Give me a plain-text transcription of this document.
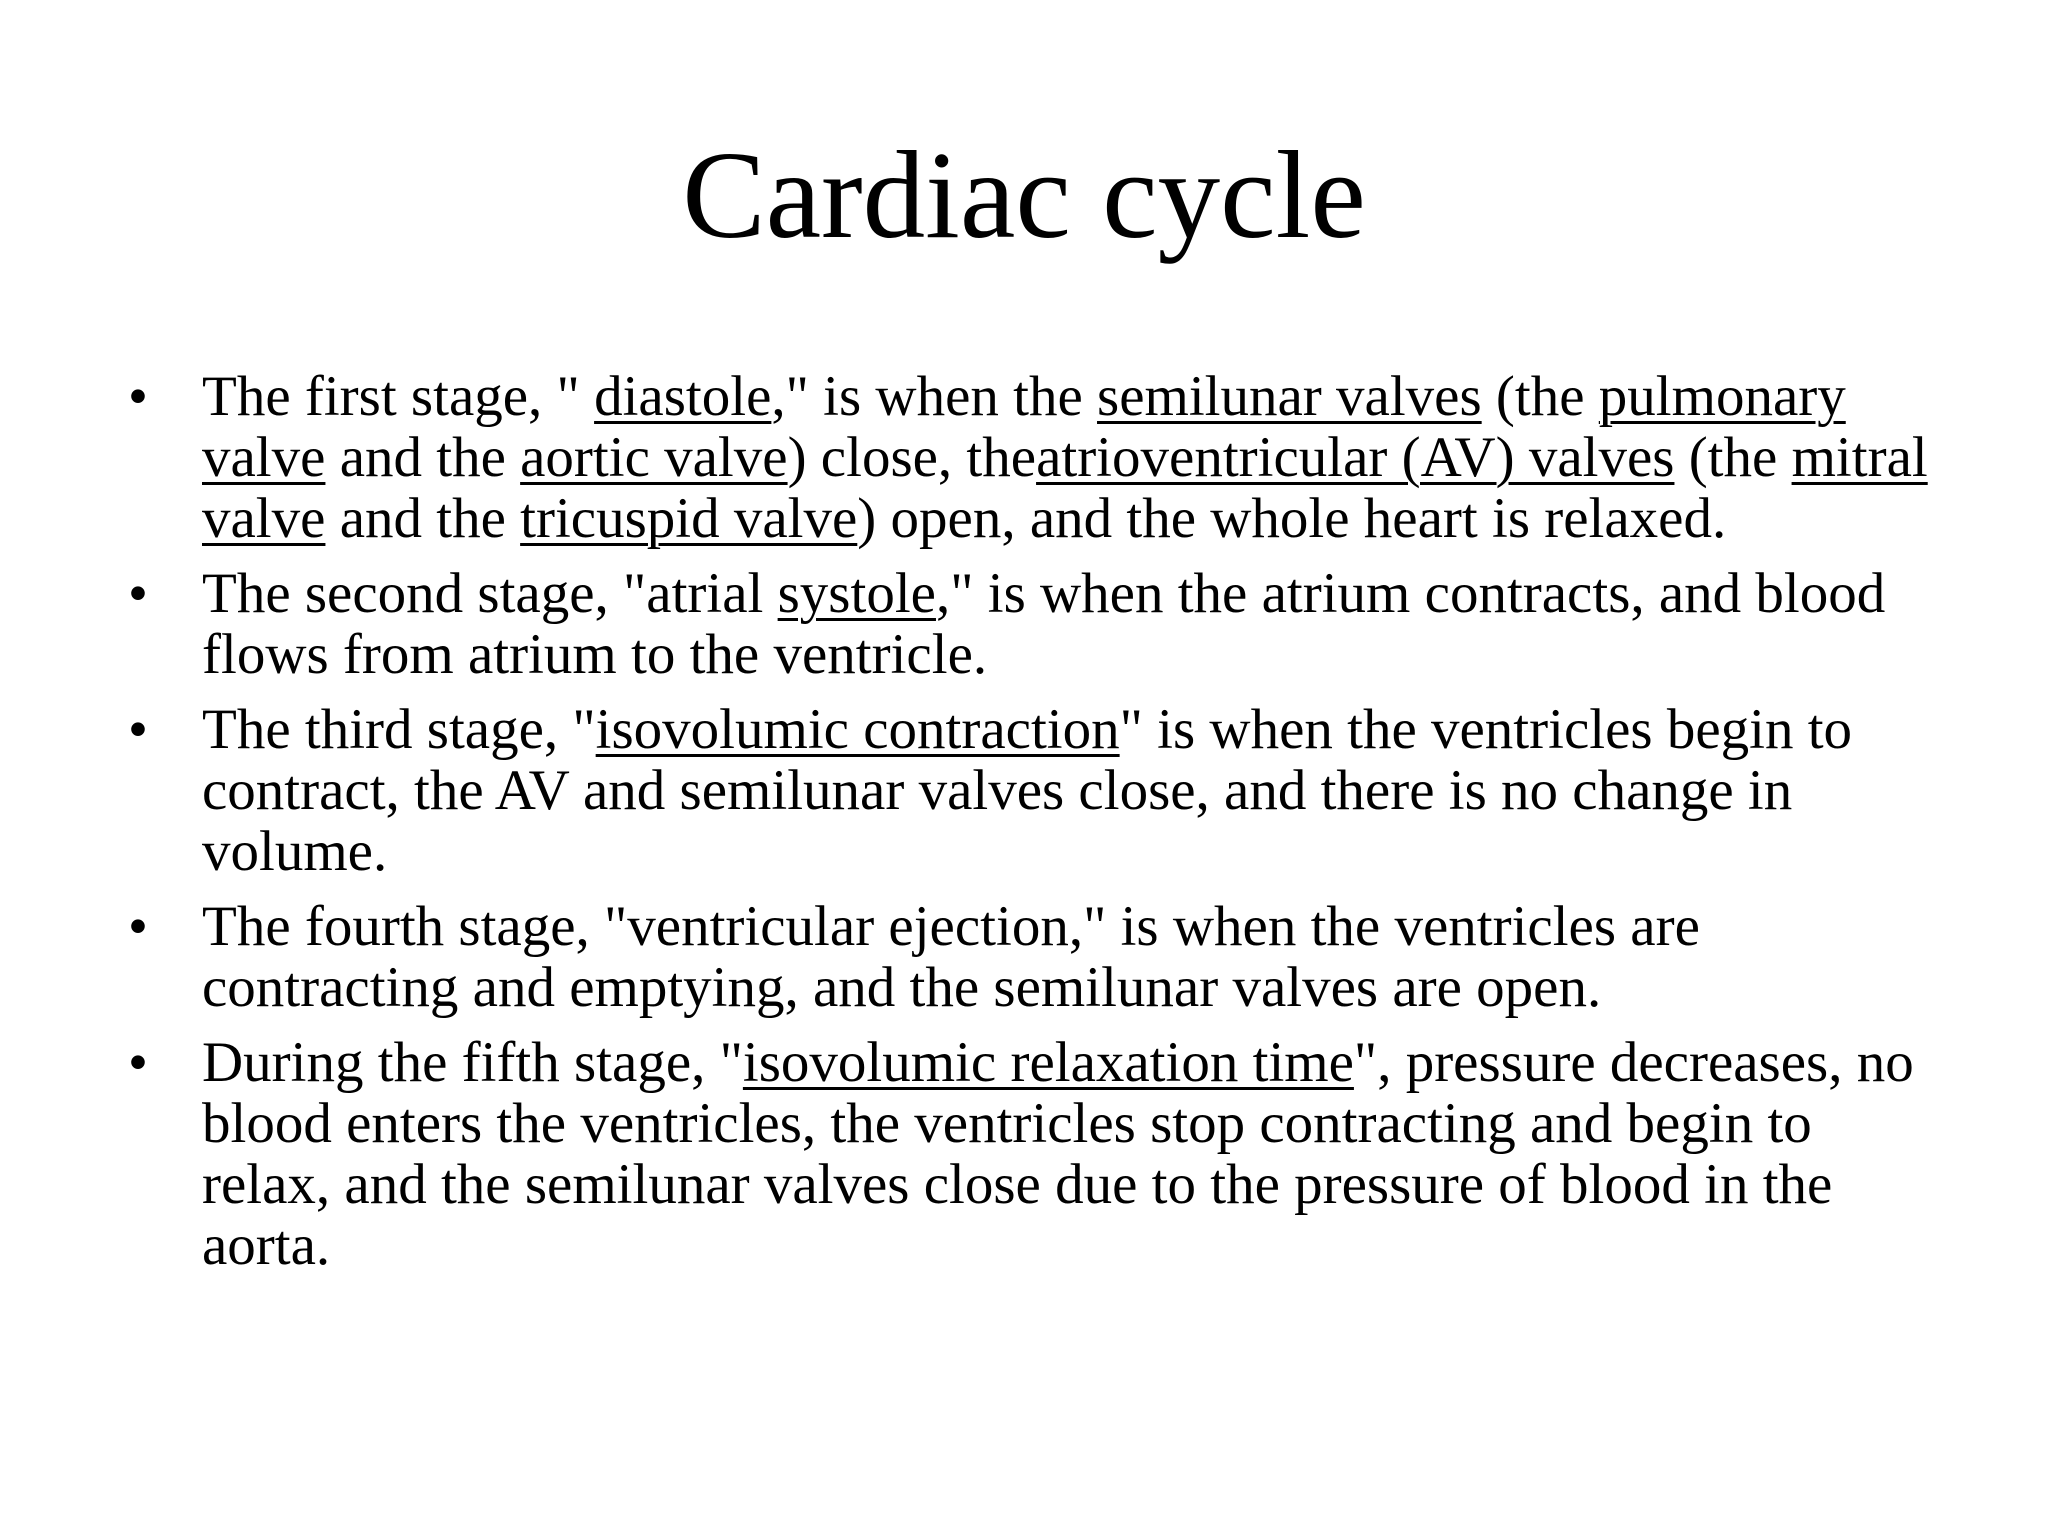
Cardiac cycle
• The first stage, " diastole," is when the semilunar valves (the pulmonary valve and the aortic valve) close, theatrioventricular (AV) valves (the mitral valve and the tricuspid valve) open, and the whole heart is relaxed.
• The second stage, "atrial systole," is when the atrium contracts, and blood flows from atrium to the ventricle.
• The third stage, "isovolumic contraction" is when the ventricles begin to contract, the AV and semilunar valves close, and there is no change in volume.
• The fourth stage, "ventricular ejection," is when the ventricles are contracting and emptying, and the semilunar valves are open.
• During the fifth stage, "isovolumic relaxation time", pressure decreases, no blood enters the ventricles, the ventricles stop contracting and begin to relax, and the semilunar valves close due to the pressure of blood in the aorta.
